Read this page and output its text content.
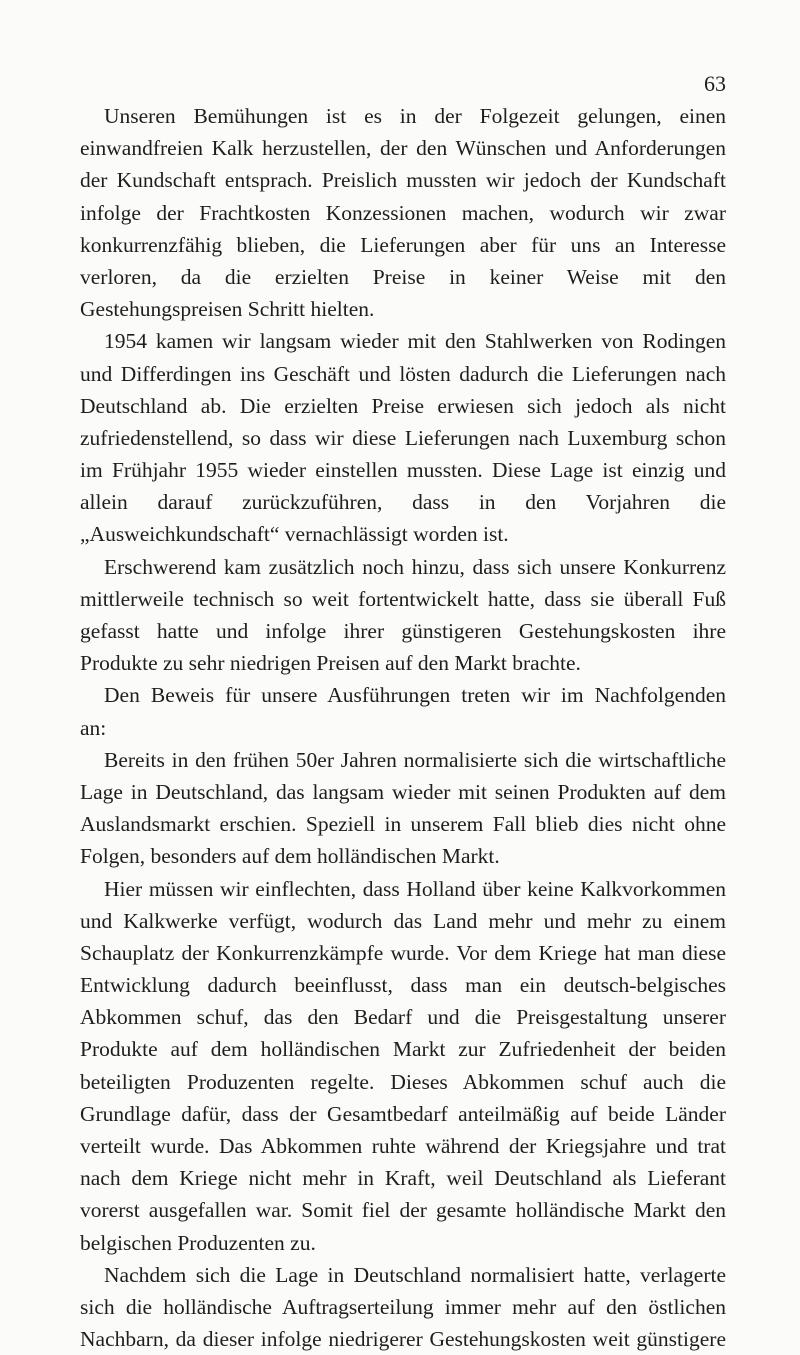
63
Unseren Bemühungen ist es in der Folgezeit gelungen, einen
einwandfreien Kalk herzustellen, der den Wünschen und Anforderungen
der Kundschaft entsprach. Preislich mussten wir jedoch der Kundschaft
infolge der Frachtkosten Konzessionen machen, wodurch wir zwar
konkurrenzfähig blieben, die Lieferungen aber für uns an Interesse
verloren, da die erzielten Preise in keiner Weise mit den
Gestehungspreisen Schritt hielten.
1954 kamen wir langsam wieder mit den Stahlwerken von Rodingen
und Differdingen ins Geschäft und lösten dadurch die Lieferungen nach
Deutschland ab. Die erzielten Preise erwiesen sich jedoch als nicht
zufriedenstellend, so dass wir diese Lieferungen nach Luxemburg schon
im Frühjahr 1955 wieder einstellen mussten. Diese Lage ist einzig und
allein darauf zurückzuführen, dass in den Vorjahren die
„Ausweichkundschaft“ vernachlässigt worden ist.
Erschwerend kam zusätzlich noch hinzu, dass sich unsere Konkurrenz
mittlerweile technisch so weit fortentwickelt hatte, dass sie überall Fuß
gefasst hatte und infolge ihrer günstigeren Gestehungskosten ihre
Produkte zu sehr niedrigen Preisen auf den Markt brachte.
Den Beweis für unsere Ausführungen treten wir im Nachfolgenden
an:
Bereits in den frühen 50er Jahren normalisierte sich die wirtschaftliche
Lage in Deutschland, das langsam wieder mit seinen Produkten auf dem
Auslandsmarkt erschien. Speziell in unserem Fall blieb dies nicht ohne
Folgen, besonders auf dem holländischen Markt.
Hier müssen wir einflechten, dass Holland über keine Kalkvorkommen
und Kalkwerke verfügt, wodurch das Land mehr und mehr zu einem
Schauplatz der Konkurrenzkämpfe wurde. Vor dem Kriege hat man diese
Entwicklung dadurch beeinflusst, dass man ein deutsch-belgisches
Abkommen schuf, das den Bedarf und die Preisgestaltung unserer
Produkte auf dem holländischen Markt zur Zufriedenheit der beiden
beteiligten Produzenten regelte. Dieses Abkommen schuf auch die
Grundlage dafür, dass der Gesamtbedarf anteilmäßig auf beide Länder
verteilt wurde. Das Abkommen ruhte während der Kriegsjahre und trat
nach dem Kriege nicht mehr in Kraft, weil Deutschland als Lieferant
vorerst ausgefallen war. Somit fiel der gesamte holländische Markt den
belgischen Produzenten zu.
Nachdem sich die Lage in Deutschland normalisiert hatte, verlagerte
sich die holländische Auftragserteilung immer mehr auf den östlichen
Nachbarn, da dieser infolge niedrigerer Gestehungskosten weit günstigere
